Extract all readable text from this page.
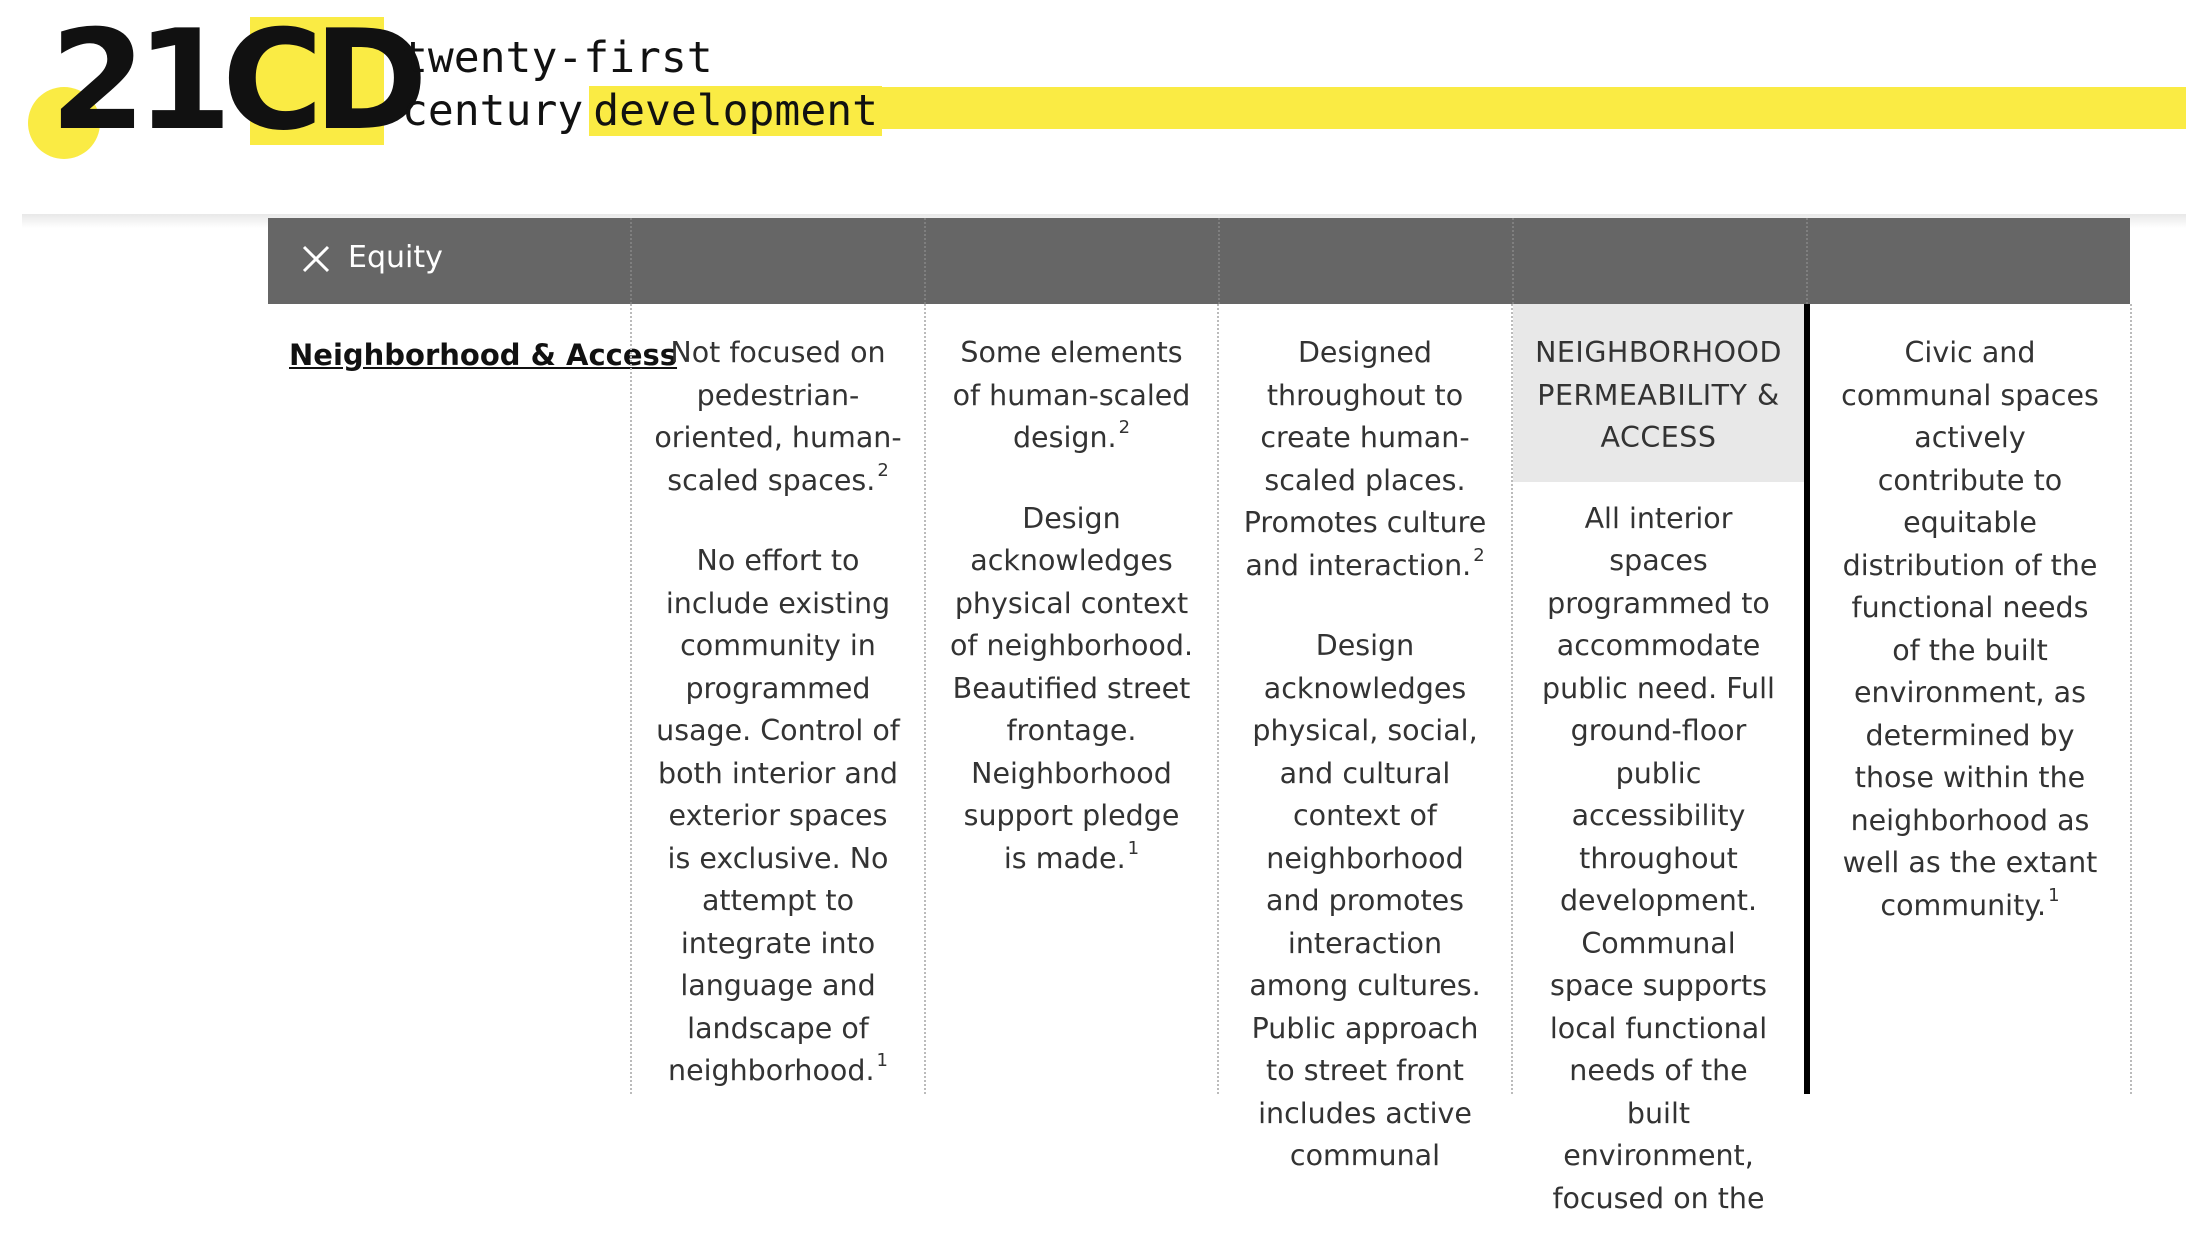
21CD
twenty-first
century development
Equity
Neighborhood & Access

Not focused on pedestrian-oriented, human-scaled spaces. $^2$

No effort to include existing community in programmed usage. Control of both interior and exterior spaces is exclusive. No attempt to integrate into language and landscape of neighborhood. $^1$

Some elements of human-scaled design. $^2$

Design acknowledges physical context of neighborhood. Beautified street frontage. Neighborhood support pledge is made. $^1$

Designed throughout to create human-scaled places. Promotes culture and interaction. $^2$

Design acknowledges physical, social, and cultural context of neighborhood and promotes interaction among cultures. Public approach to street front includes active communal

NEIGHBORHOOD PERMEABILITY & ACCESS

All interior spaces programmed to accommodate public need. Full ground-floor public accessibility throughout development. Communal space supports local functional needs of the built environment, focused on the

Civic and communal spaces actively contribute to equitable distribution of the functional needs of the built environment, as determined by those within the neighborhood as well as the extant community. $^1$
